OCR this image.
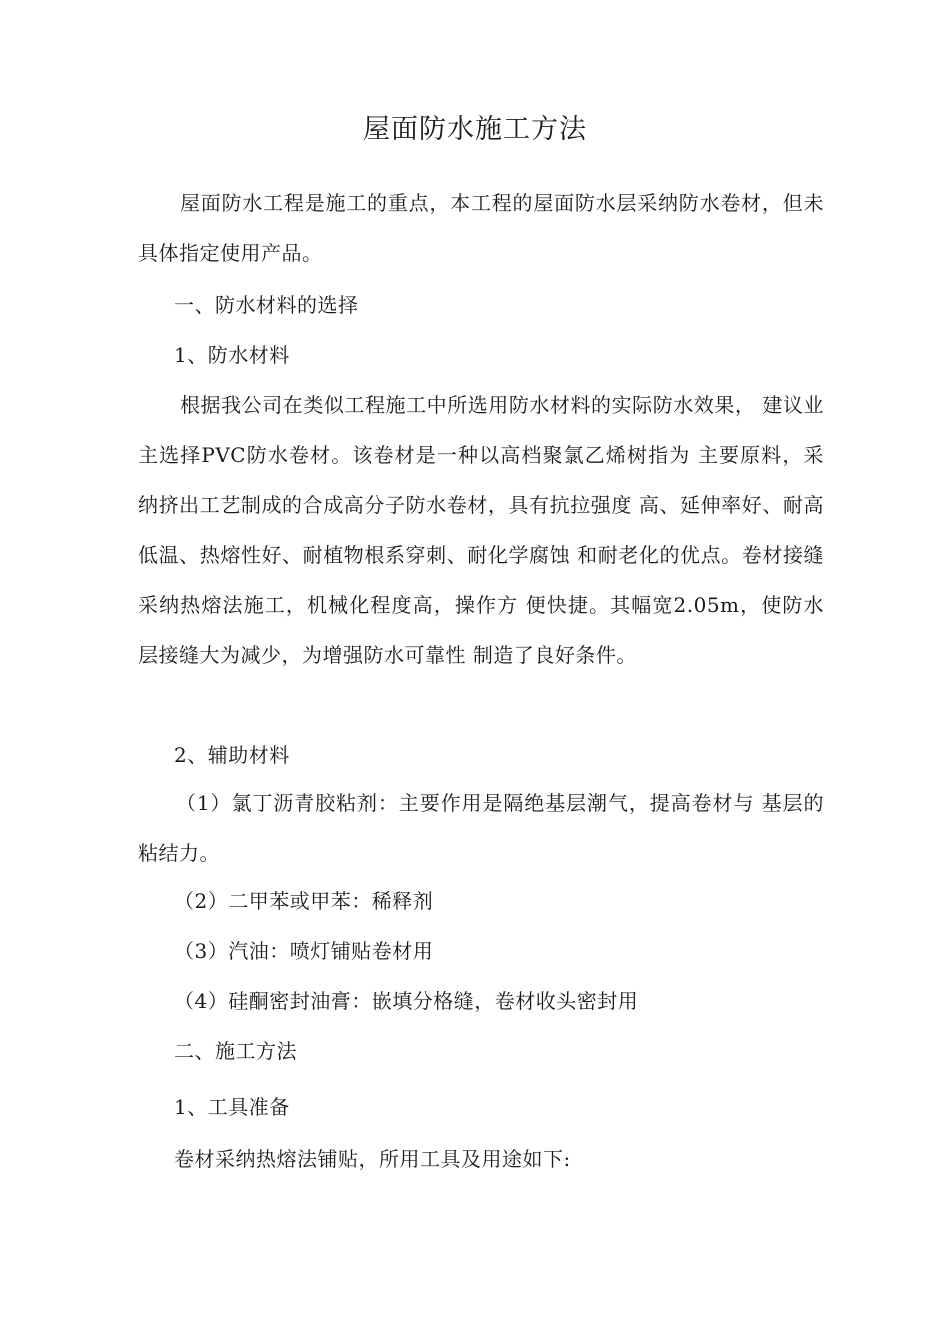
屋面防水施工方法
屋面防水工程是施工的重点，本工程的屋面防水层采纳防水卷材，但未具体指定使用产品。
一、防水材料的选择
1、防水材料
根据我公司在类似工程施工中所选用防水材料的实际防水效果， 建议业主选择PVC防水卷材。该卷材是一种以高档聚氯乙烯树指为 主要原料，采纳挤出工艺制成的合成高分子防水卷材，具有抗拉强度 高、延伸率好、耐高低温、热熔性好、耐植物根系穿刺、耐化学腐蚀 和耐老化的优点。卷材接缝采纳热熔法施工，机械化程度高，操作方 便快捷。其幅宽2.05m，使防水层接缝大为减少，为增强防水可靠性 制造了良好条件。
2、辅助材料
（1）氯丁沥青胶粘剂：主要作用是隔绝基层潮气，提高卷材与 基层的粘结力。
（2）二甲苯或甲苯：稀释剂
（3）汽油：喷灯铺贴卷材用
（4）硅酮密封油膏：嵌填分格缝，卷材收头密封用
二、施工方法
1、工具准备
卷材采纳热熔法铺贴，所用工具及用途如下:
